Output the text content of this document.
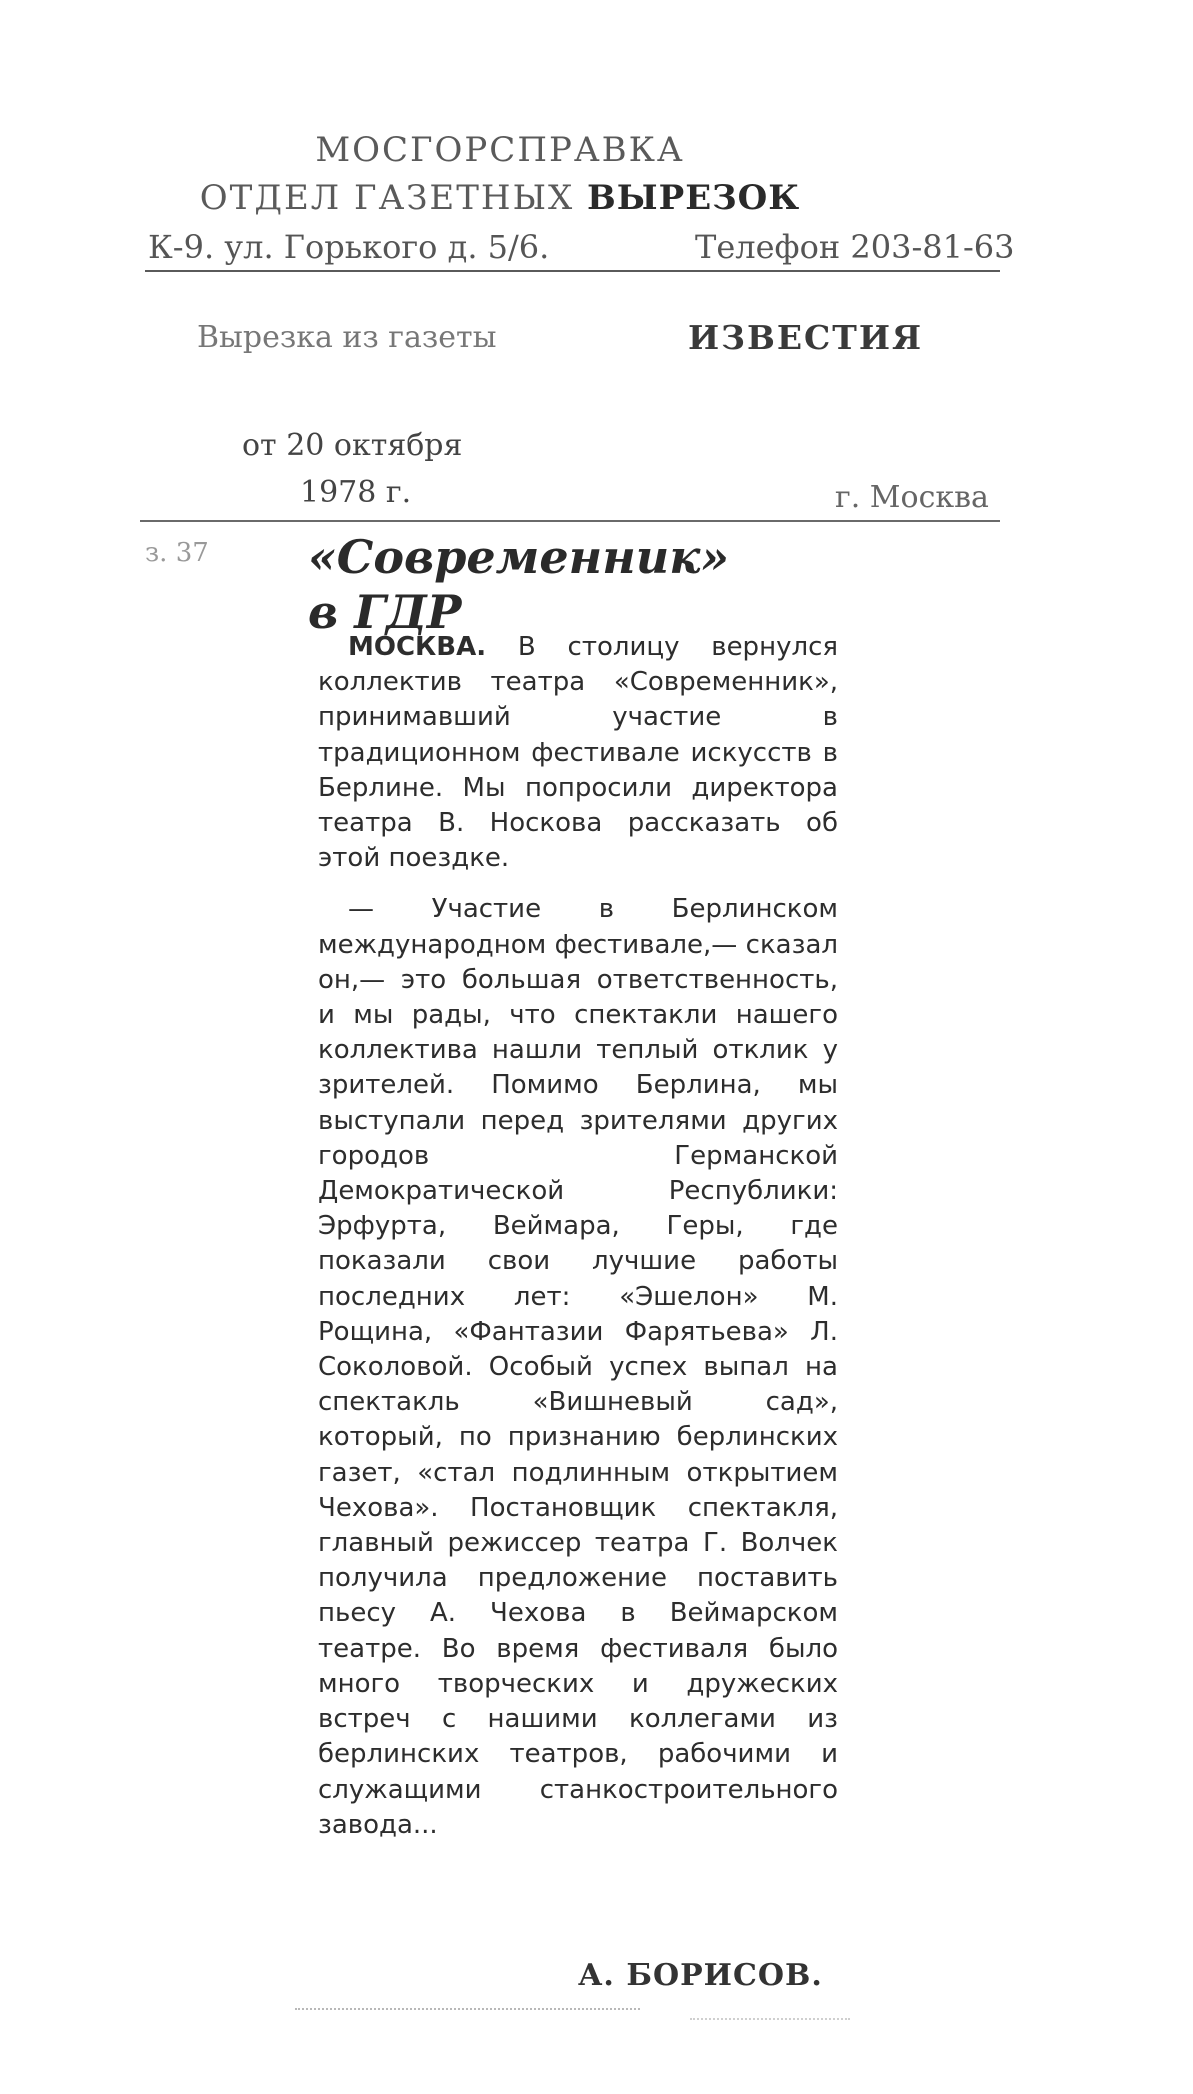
МОСГОРСПРАВКА
ОТДЕЛ ГАЗЕТНЫХ ВЫРЕЗОК
К-9. ул. Горького д. 5/6.	Телефон 203-81-63
Вырезка из газеты	ИЗВЕСТИЯ
от 20 октября
1978 г.	г. Москва
з. 37 «Современник»
в ГДР

МОСКВА. В столицу вернулся коллектив театра «Современник», принимавший участие в традиционном фестивале искусств в Берлине. Мы попросили директора театра В. Носкова рассказать об этой поездке.

— Участие в Берлинском международном фестивале,— сказал он,— это большая ответственность, и мы рады, что спектакли нашего коллектива нашли теплый отклик у зрителей. Помимо Берлина, мы выступали перед зрителями других городов Германской Демократической Республики: Эрфурта, Веймара, Геры, где показали свои лучшие работы последних лет: «Эшелон» М. Рощина, «Фантазии Фарятьева» Л. Соколовой. Особый успех выпал на спектакль «Вишневый сад», который, по признанию берлинских газет, «стал подлинным открытием Чехова». Постановщик спектакля, главный режиссер театра Г. Волчек получила предложение поставить пьесу А. Чехова в Веймарском театре. Во время фестиваля было много творческих и дружеских встреч с нашими коллегами из берлинских театров, рабочими и служащими станкостроительного завода...

А. БОРИСОВ.
